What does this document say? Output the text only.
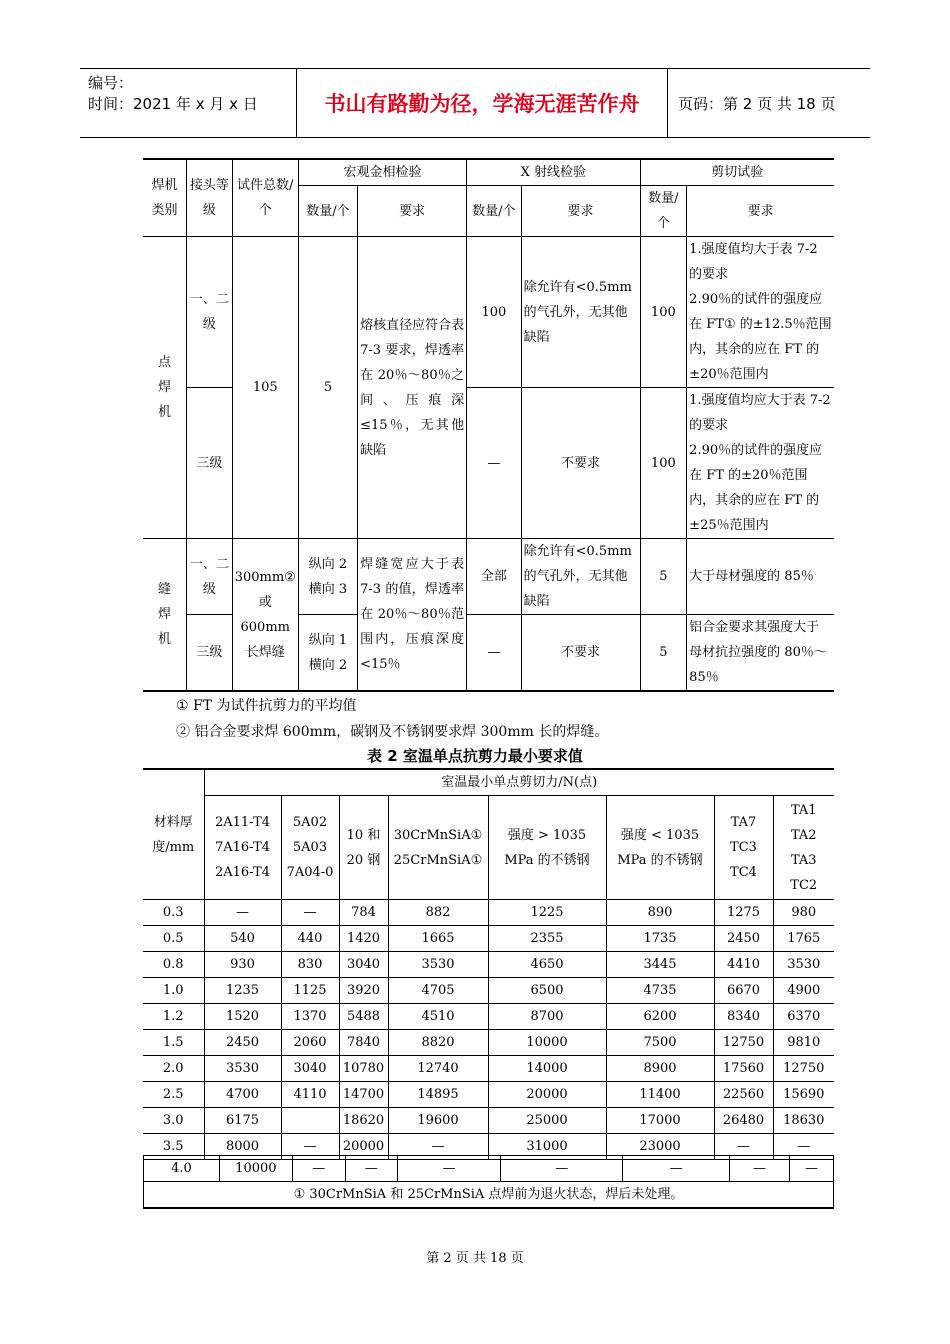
编号：
时间：2021 年 x 月 x 日	书山有路勤为径，学海无涯苦作舟	页码：第 2 页 共 18 页
焊机类别	接头等级	试件总数/个	宏观金相检验		X 射线检验		剪切试验	
			数量/个	要求	数量/个	要求	数量/个	要求

点焊机	一、二级	105	5	熔核直径应符合表 7-3 要求，焊透率在 20％～80％之间、压痕深≤15％，无其他缺陷	100	除允许有<0.5mm 的气孔外，无其他缺陷	100	1.强度值均大于表 7-2 的要求
2.90％的试件的强度应在 FT① 的±12.5％范围内，其余的应在 FT 的±20％范围内
	三级				—	不要求	100	1.强度值均应大于表 7-2 的要求
2.90％的试件的强度应在 FT 的±20％范围内，其余的应在 FT 的±25％范围内

缝焊机	一、二级	300mm② 或 600mm 长焊缝	纵向 2
横向 3	焊缝宽应大于表 7-3 的值，焊透率在 20％～80％范围内，压痕深度<15％	全部	除允许有<0.5mm 的气孔外，无其他缺陷	5	大于母材强度的 85％
	三级		纵向 1
横向 2		—	不要求	5	铝合金要求其强度大于母材抗拉强度的 80％～85％
① FT 为试件抗剪力的平均值
② 铝合金要求焊 600mm，碳钢及不锈钢要求焊 300mm 长的焊缝。
表 2 室温单点抗剪力最小要求值
材料厚度/mm	室温最小单点剪切力/N(点)							
	2A11-T4
7A16-T4
2A16-T4	5A02
5A03
7A04-0	10 和
20 钢	30CrMnSiA①
25CrMnSiA①	强度 > 1035
MPa 的不锈钢	强度 < 1035
MPa 的不锈钢	TA7
TC3
TC4	TA1
TA2
TA3
TC2
0.3	—	—	784	882	1225	890	1275	980
0.5	540	440	1420	1665	2355	1735	2450	1765
0.8	930	830	3040	3530	4650	3445	4410	3530
1.0	1235	1125	3920	4705	6500	4735	6670	4900
1.2	1520	1370	5488	4510	8700	6200	8340	6370
1.5	2450	2060	7840	8820	10000	7500	12750	9810
2.0	3530	3040	10780	12740	14000	8900	17560	12750
2.5	4700	4110	14700	14895	20000	11400	22560	15690
3.0	6175		18620	19600	25000	17000	26480	18630
3.5	8000	—	20000	—	31000	23000	—	—
4.0	10000	—	—	—	—	—	—	—
① 30CrMnSiA 和 25CrMnSiA 点焊前为退火状态，焊后未处理。
第 2 页 共 18 页
